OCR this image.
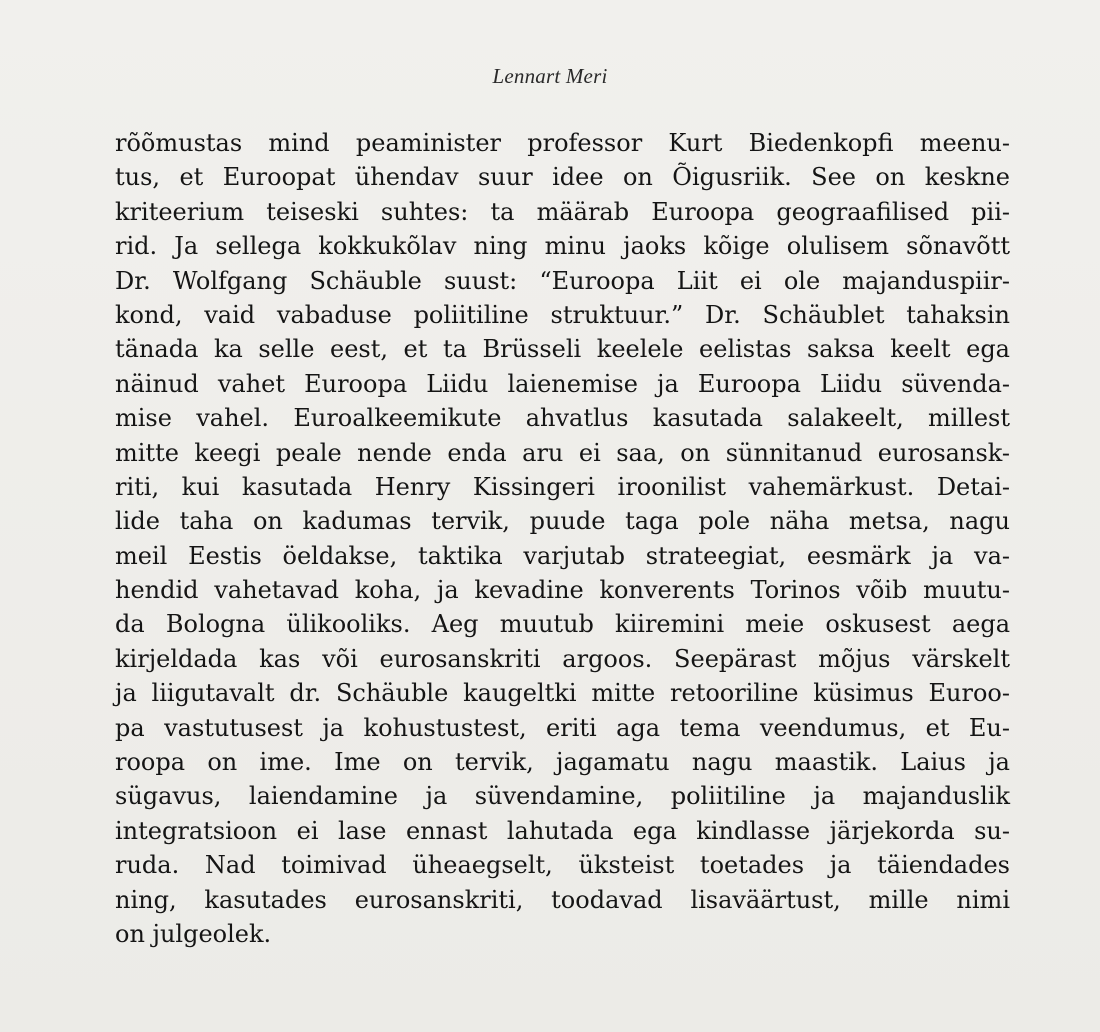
Lennart Meri
rõõmustas mind peaminister professor Kurt Biedenkopfi meenu-
tus, et Euroopat ühendav suur idee on Õigusriik. See on keskne
kriteerium teiseski suhtes: ta määrab Euroopa geograafilised pii-
rid. Ja sellega kokkukõlav ning minu jaoks kõige olulisem sõnavõtt
Dr. Wolfgang Schäuble suust: “Euroopa Liit ei ole majanduspiir-
kond, vaid vabaduse poliitiline struktuur.” Dr. Schäublet tahaksin
tänada ka selle eest, et ta Brüsseli keelele eelistas saksa keelt ega
näinud vahet Euroopa Liidu laienemise ja Euroopa Liidu süvenda-
mise vahel. Euroalkeemikute ahvatlus kasutada salakeelt, millest
mitte keegi peale nende enda aru ei saa, on sünnitanud eurosansk-
riti, kui kasutada Henry Kissingeri iroonilist vahemärkust. Detai-
lide taha on kadumas tervik, puude taga pole näha metsa, nagu
meil Eestis öeldakse, taktika varjutab strateegiat, eesmärk ja va-
hendid vahetavad koha, ja kevadine konverents Torinos võib muutu-
da Bologna ülikooliks. Aeg muutub kiiremini meie oskusest aega
kirjeldada kas või eurosanskriti argoos. Seepärast mõjus värskelt
ja liigutavalt dr. Schäuble kaugeltki mitte retooriline küsimus Euroo-
pa vastutusest ja kohustustest, eriti aga tema veendumus, et Eu-
roopa on ime. Ime on tervik, jagamatu nagu maastik. Laius ja
sügavus, laiendamine ja süvendamine, poliitiline ja majanduslik
integratsioon ei lase ennast lahutada ega kindlasse järjekorda su-
ruda. Nad toimivad üheaegselt, üksteist toetades ja täiendades
ning, kasutades eurosanskriti, toodavad lisaväärtust, mille nimi
on julgeolek.
